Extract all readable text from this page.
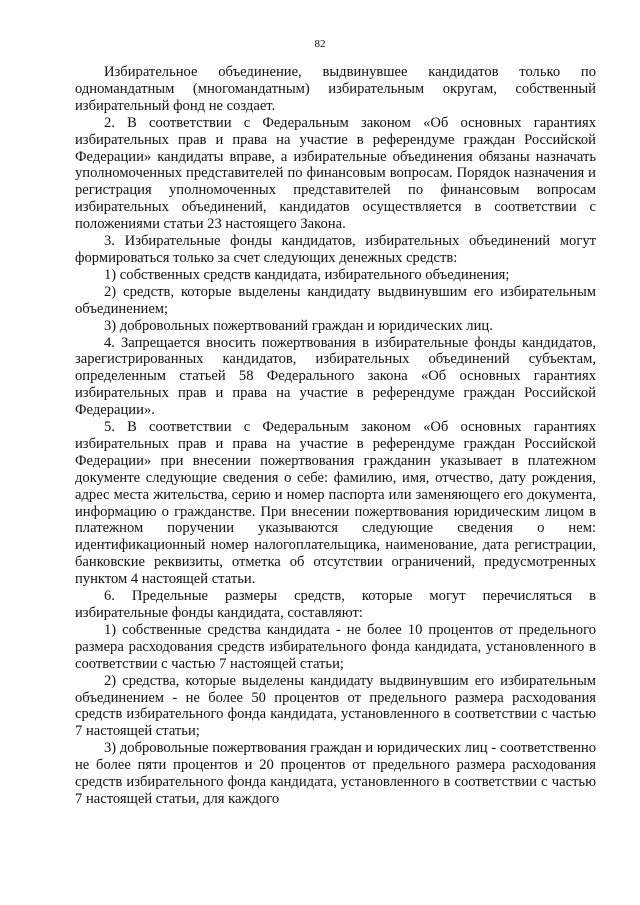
82

Избирательное объединение, выдвинувшее кандидатов только по одномандатным (многомандатным) избирательным округам, собственный избирательный фонд не создает.

2. В соответствии с Федеральным законом «Об основных гарантиях избирательных прав и права на участие в референдуме граждан Российской Федерации» кандидаты вправе, а избирательные объединения обязаны назначать уполномоченных представителей по финансовым вопросам. Порядок назначения и регистрация уполномоченных представителей по финансовым вопросам избирательных объединений, кандидатов осуществляется в соответствии с положениями статьи 23 настоящего Закона.

3. Избирательные фонды кандидатов, избирательных объединений могут формироваться только за счет следующих денежных средств:

1) собственных средств кандидата, избирательного объединения;

2) средств, которые выделены кандидату выдвинувшим его избирательным объединением;

3) добровольных пожертвований граждан и юридических лиц.

4. Запрещается вносить пожертвования в избирательные фонды кандидатов, зарегистрированных кандидатов, избирательных объединений субъектам, определенным статьей 58 Федерального закона «Об основных гарантиях избирательных прав и права на участие в референдуме граждан Российской Федерации».

5. В соответствии с Федеральным законом «Об основных гарантиях избирательных прав и права на участие в референдуме граждан Российской Федерации» при внесении пожертвования гражданин указывает в платежном документе следующие сведения о себе: фамилию, имя, отчество, дату рождения, адрес места жительства, серию и номер паспорта или заменяющего его документа, информацию о гражданстве. При внесении пожертвования юридическим лицом в платежном поручении указываются следующие сведения о нем: идентификационный номер налогоплательщика, наименование, дата регистрации, банковские реквизиты, отметка об отсутствии ограничений, предусмотренных пунктом 4 настоящей статьи.

6. Предельные размеры средств, которые могут перечисляться в избирательные фонды кандидата, составляют:

1) собственные средства кандидата - не более 10 процентов от предельного размера расходования средств избирательного фонда кандидата, установленного в соответствии с частью 7 настоящей статьи;

2) средства, которые выделены кандидату выдвинувшим его избирательным объединением - не более 50 процентов от предельного размера расходования средств избирательного фонда кандидата, установленного в соответствии с частью 7 настоящей статьи;

3) добровольные пожертвования граждан и юридических лиц - соответственно не более пяти процентов и 20 процентов от предельного размера расходования средств избирательного фонда кандидата, установленного в соответствии с частью 7 настоящей статьи, для каждого
